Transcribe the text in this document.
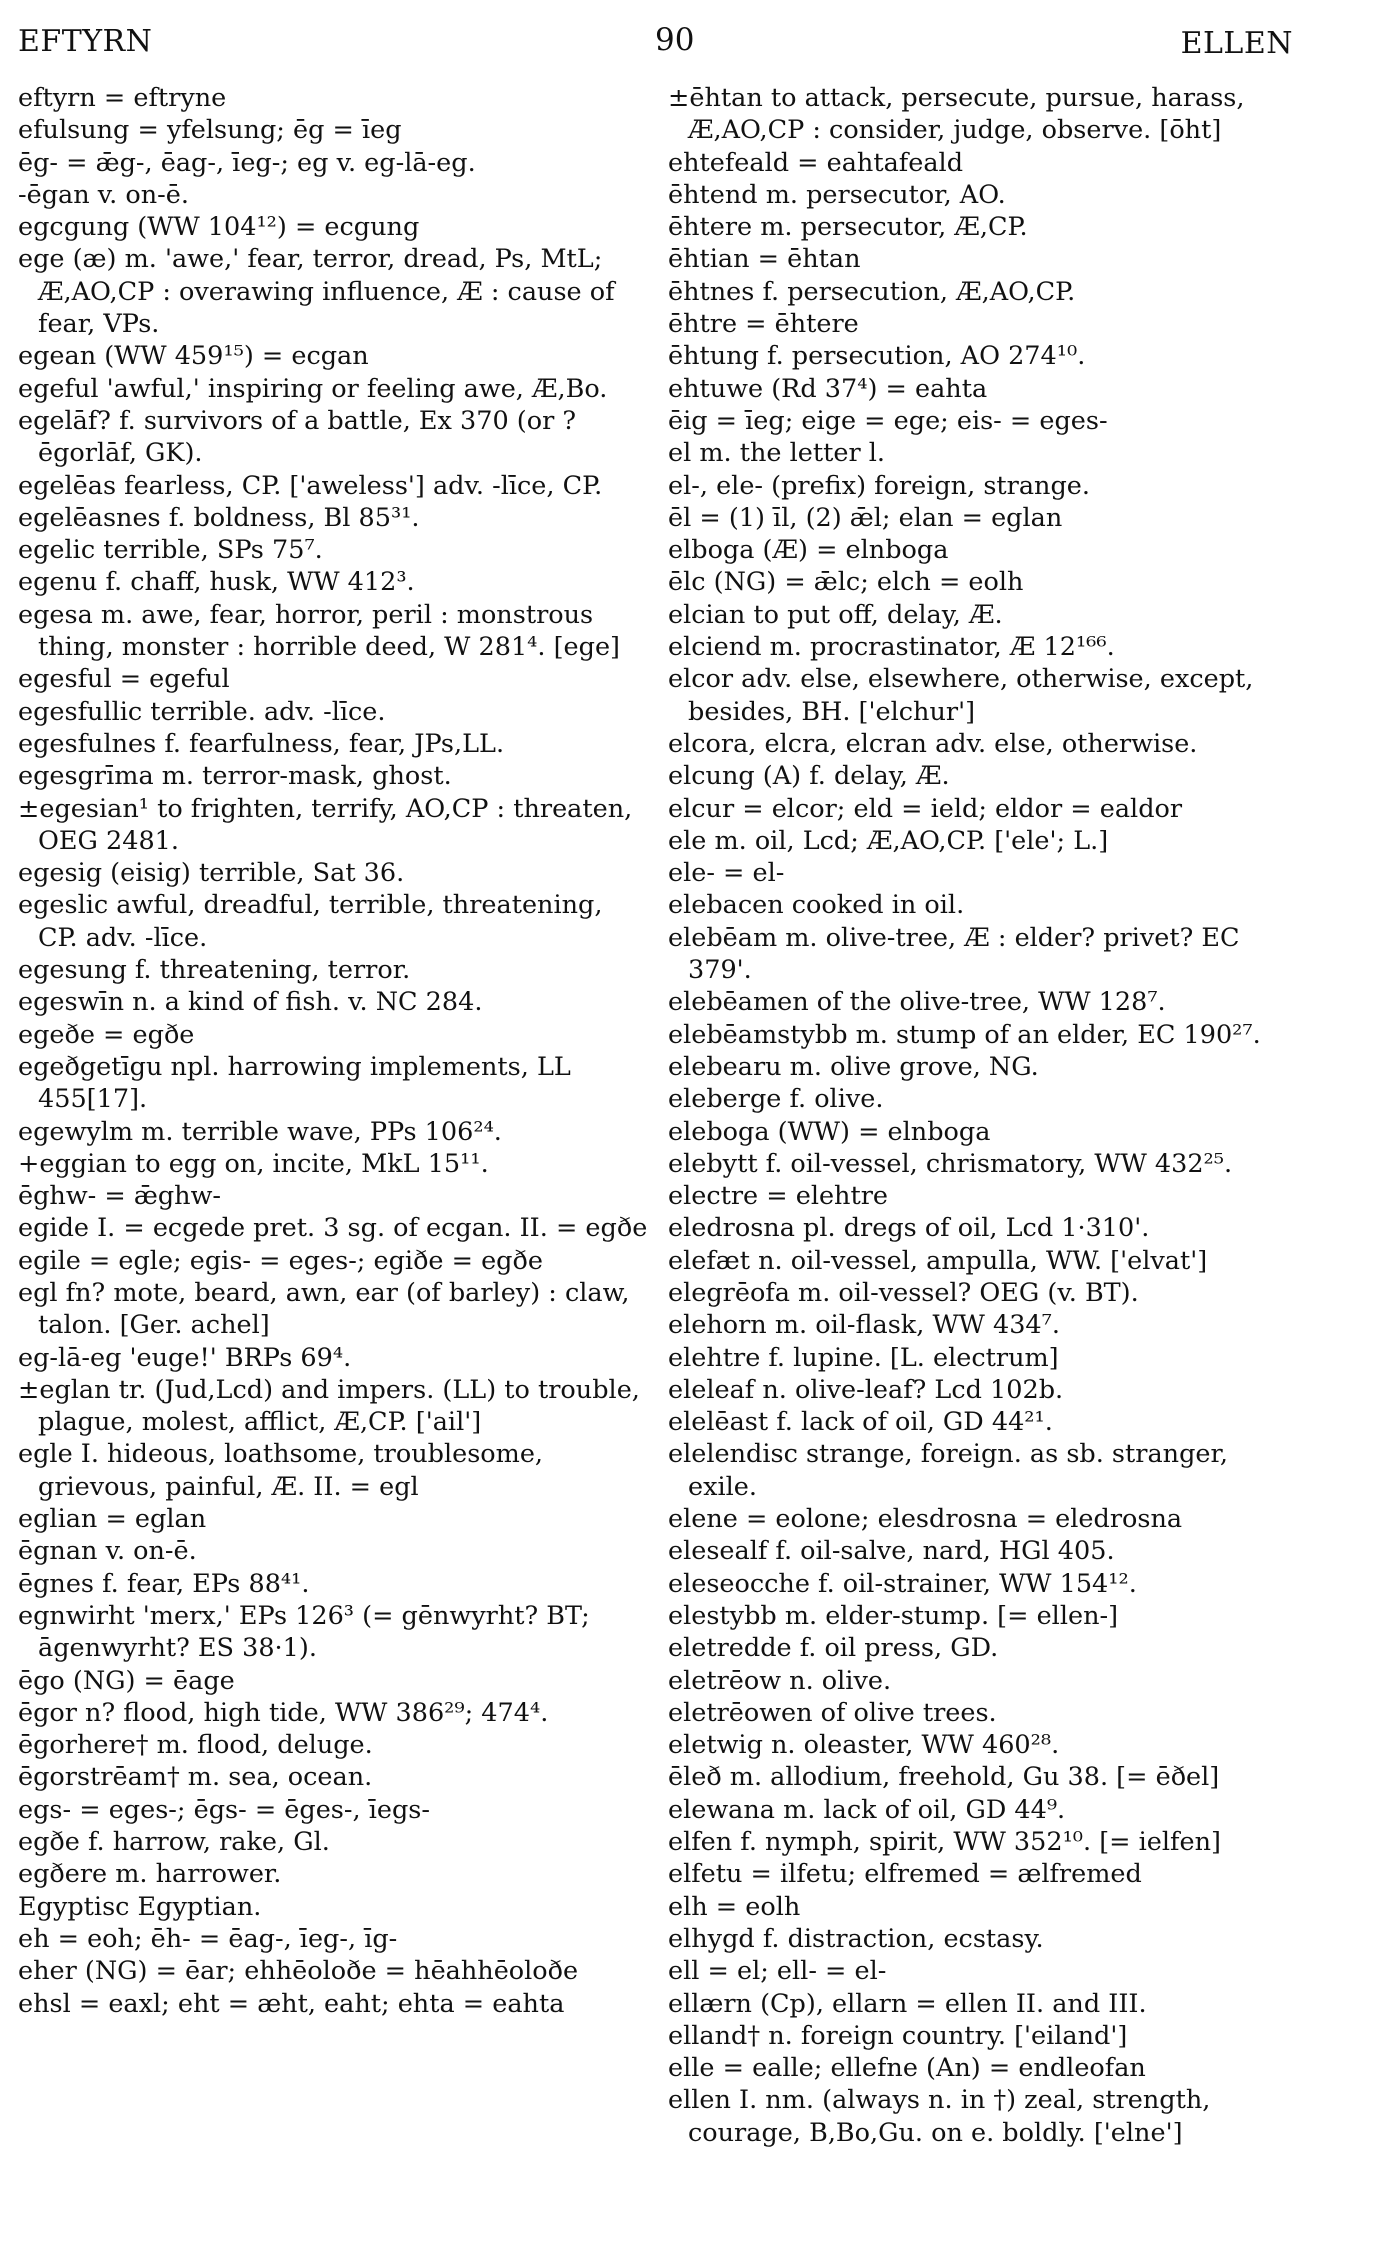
EFTYRN	90	ELLEN
eftyrn = eftryne
efulsung = yfelsung; ēg = īeg
ēg- = ǣg-, ēag-, īeg-; eg v. eg-lā-eg.
-ēgan v. on-ē.
egcgung (WW 104¹²) = ecgung
ege (æ) m. 'awe,' fear, terror, dread, Ps, MtL; Æ,AO,CP : overawing influence, Æ : cause of fear, VPs.
egean (WW 459¹⁵) = ecgan
egeful 'awful,' inspiring or feeling awe, Æ,Bo.
egelāf? f. survivors of a battle, Ex 370 (or ? ēgorlāf, GK).
egelēas fearless, CP. ['aweless'] adv. -līce, CP.
egelēasnes f. boldness, Bl 85³¹.
egelic terrible, SPs 75⁷.
egenu f. chaff, husk, WW 412³.
egesa m. awe, fear, horror, peril : monstrous thing, monster : horrible deed, W 281⁴. [ege]
egesful = egeful
egesfullic terrible. adv. -līce.
egesfulnes f. fearfulness, fear, JPs,LL.
egesgrīma m. terror-mask, ghost.
±egesian¹ to frighten, terrify, AO,CP : threaten, OEG 2481.
egesig (eisig) terrible, Sat 36.
egeslic awful, dreadful, terrible, threatening, CP. adv. -līce.
egesung f. threatening, terror.
egeswīn n. a kind of fish. v. NC 284.
egeðe = egðe
egeðgetīgu npl. harrowing implements, LL 455[17].
egewylm m. terrible wave, PPs 106²⁴.
+eggian to egg on, incite, MkL 15¹¹.
ēghw- = ǣghw-
egide I. = ecgede pret. 3 sg. of ecgan. II. = egðe
egile = egle; egis- = eges-; egiðe = egðe
egl fn? mote, beard, awn, ear (of barley) : claw, talon. [Ger. achel]
eg-lā-eg 'euge!' BRPs 69⁴.
±eglan tr. (Jud,Lcd) and impers. (LL) to trouble, plague, molest, afflict, Æ,CP. ['ail']
egle I. hideous, loathsome, troublesome, grievous, painful, Æ. II. = egl
eglian = eglan
ēgnan v. on-ē.
ēgnes f. fear, EPs 88⁴¹.
egnwirht 'merx,' EPs 126³ (= gēnwyrht? BT; āgenwyrht? ES 38·1).
ēgo (NG) = ēage
ēgor n? flood, high tide, WW 386²⁹; 474⁴.
ēgorhere† m. flood, deluge.
ēgorstrēam† m. sea, ocean.
egs- = eges-; ēgs- = ēges-, īegs-
egðe f. harrow, rake, Gl.
egðere m. harrower.
Egyptisc Egyptian.
eh = eoh; ēh- = ēag-, īeg-, īg-
eher (NG) = ēar; ehhēoloðe = hēahhēoloðe
ehsl = eaxl; eht = æht, eaht; ehta = eahta
±ēhtan to attack, persecute, pursue, harass, Æ,AO,CP : consider, judge, observe. [ōht]
ehtefeald = eahtafeald
ēhtend m. persecutor, AO.
ēhtere m. persecutor, Æ,CP.
ēhtian = ēhtan
ēhtnes f. persecution, Æ,AO,CP.
ēhtre = ēhtere
ēhtung f. persecution, AO 274¹⁰.
ehtuwe (Rd 37⁴) = eahta
ēig = īeg; eige = ege; eis- = eges-
el m. the letter l.
el-, ele- (prefix) foreign, strange.
ēl = (1) īl, (2) ǣl; elan = eglan
elboga (Æ) = elnboga
ēlc (NG) = ǣlc; elch = eolh
elcian to put off, delay, Æ.
elciend m. procrastinator, Æ 12¹⁶⁶.
elcor adv. else, elsewhere, otherwise, except, besides, BH. ['elchur']
elcora, elcra, elcran adv. else, otherwise.
elcung (A) f. delay, Æ.
elcur = elcor; eld = ield; eldor = ealdor
ele m. oil, Lcd; Æ,AO,CP. ['ele'; L.]
ele- = el-
elebacen cooked in oil.
elebēam m. olive-tree, Æ : elder? privet? EC 379'.
elebēamen of the olive-tree, WW 128⁷.
elebēamstybb m. stump of an elder, EC 190²⁷.
elebearu m. olive grove, NG.
eleberge f. olive.
eleboga (WW) = elnboga
elebytt f. oil-vessel, chrismatory, WW 432²⁵.
electre = elehtre
eledrosna pl. dregs of oil, Lcd 1·310'.
elefæt n. oil-vessel, ampulla, WW. ['elvat']
elegrēofa m. oil-vessel? OEG (v. BT).
elehorn m. oil-flask, WW 434⁷.
elehtre f. lupine. [L. electrum]
eleleaf n. olive-leaf? Lcd 102b.
elelēast f. lack of oil, GD 44²¹.
elelendisc strange, foreign. as sb. stranger, exile.
elene = eolone; elesdrosna = eledrosna
elesealf f. oil-salve, nard, HGl 405.
eleseocche f. oil-strainer, WW 154¹².
elestybb m. elder-stump. [= ellen-]
eletredde f. oil press, GD.
eletrēow n. olive.
eletrēowen of olive trees.
eletwig n. oleaster, WW 460²⁸.
ēleð m. allodium, freehold, Gu 38. [= ēðel]
elewana m. lack of oil, GD 44⁹.
elfen f. nymph, spirit, WW 352¹⁰. [= ielfen]
elfetu = ilfetu; elfremed = ælfremed
elh = eolh
elhygd f. distraction, ecstasy.
ell = el; ell- = el-
ellærn (Cp), ellarn = ellen II. and III.
elland† n. foreign country. ['eiland']
elle = ealle; ellefne (An) = endleofan
ellen I. nm. (always n. in †) zeal, strength, courage, B,Bo,Gu. on e. boldly. ['elne']
